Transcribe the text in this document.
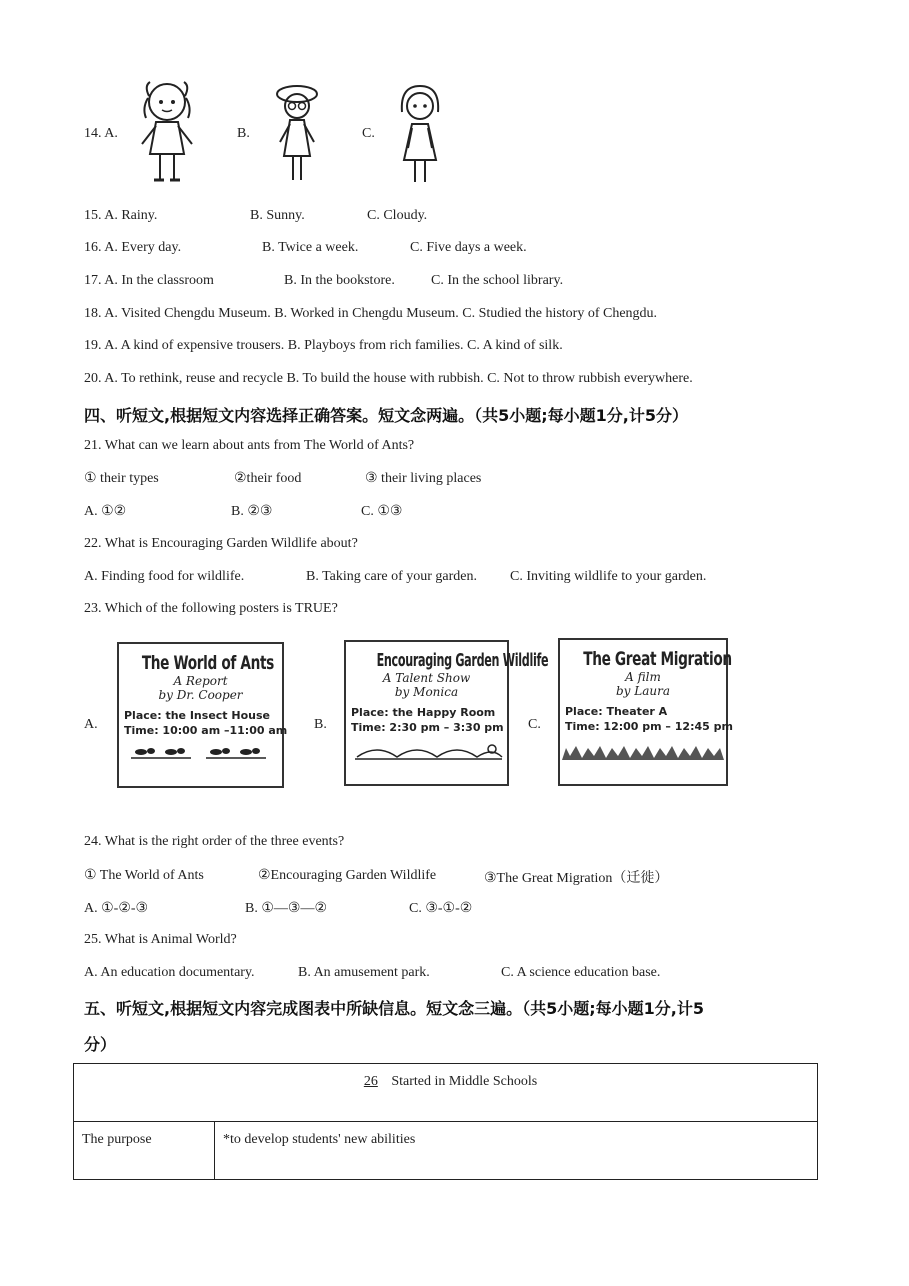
14. A.	B.	C.
15. A. Rainy.	B. Sunny.	C. Cloudy.
16. A. Every day.	B. Twice a week.	C. Five days a week.
17. A. In the classroom	B. In the bookstore.	C. In the school library.
18. A. Visited Chengdu Museum. B. Worked in Chengdu Museum. C. Studied the history of Chengdu.
19. A. A kind of expensive trousers. B. Playboys from rich families. C. A kind of silk.
20. A. To rethink, reuse and recycle B. To build the house with rubbish. C. Not to throw rubbish everywhere.
四、听短文,根据短文内容选择正确答案。短文念两遍。（共5小题;每小题1分,计5分）
21. What can we learn about ants from The World of Ants?
① their types	②their food	③ their living places
A. ①②	B. ②③	C. ①③
22. What is Encouraging Garden Wildlife about?
A. Finding food for wildlife.	B. Taking care of your garden. C. Inviting wildlife to your garden.
23. Which of the following posters is TRUE?
A.
The World of Ants
A Report
by Dr. Cooper
Place: the Insect House
Time: 10:00 am –11:00 am B.
Encouraging Garden Wildlife
A Talent Show
by Monica
Place: the Happy Room
Time: 2:30 pm – 3:30 pm C.
The Great Migration
A film
by Laura
Place: Theater A
Time: 12:00 pm – 12:45 pm
24. What is the right order of the three events?
① The World of Ants	②Encouraging Garden Wildlife	③The Great Migration（迁徙）
A. ①-②-③	B. ①—③—②	C. ③-①-②
25. What is Animal World?
A. An education documentary.	B. An amusement park.	C. A science education base.
五、听短文,根据短文内容完成图表中所缺信息。短文念三遍。（共5小题;每小题1分,计5
分）
26 Started in Middle Schools
The purpose	*to develop students' new abilities
